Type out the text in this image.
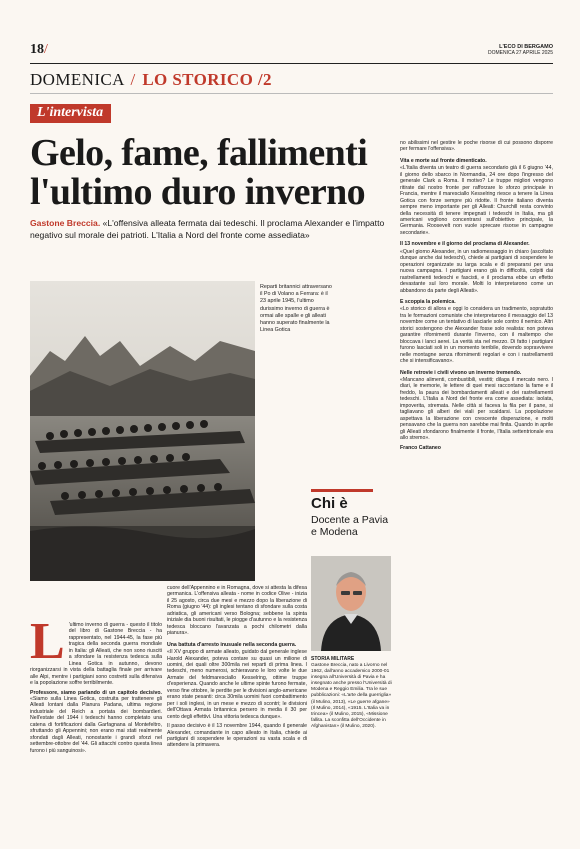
18/	L'ECO DI BERGAMO
DOMENICA 27 APRILE 2025
DOMENICA / LO STORICO /2
L'intervista
Gelo, fame, fallimenti
l'ultimo duro inverno
Gastone Breccia. «L'offensiva alleata fermata dai tedeschi. Il proclama Alexander e l'impatto negativo sul morale dei patrioti. L'Italia a Nord del fronte come assediata»
Reparti britannici attraversano il Po di Volano a Ferrara: è il 23 aprile 1945, l'ultimo durissimo inverno di guerra è ormai alle spalle e gli alleati hanno superato finalmente la Linea Gotica
Chi è
Docente a Pavia e Modena
STORIA MILITARE
Gastone Breccia, nato a Livorno nel 1962, dall'anno accademico 2000-01 insegna all'Università di Pavia e ha insegnato anche presso l'Università di Modena e Reggio Emilia. Tra le sue pubblicazioni: «L'arte della guerriglia» (il Mulino, 2013), «Le guerre afgane» (Il Mulino, 2014), «1915. L'Italia va in trincea» (il Mulino, 2015), «Missione fallita. La sconfitta dell'Occidente in Afghanistan» (il Mulino, 2020).

L 'ultimo inverno di guerra - questo il titolo del libro di Gastone Breccia - ha rappresentato, nel 1944-45, la fase più tragica della seconda guerra mondiale in Italia: gli Alleati, che non sono riusciti a sfondare la resistenza tedesca sulla Linea Gotica in autunno, devono riorganizzarsi in vista della battaglia finale per arrivare alle Alpi, mentre i partigiani sono costretti sulla difensiva e la popolazione soffre terribilmente.

Professore, siamo parlando di un capitolo decisivo. «Siamo sulla Linea Gotica, costruita per trattenere gli Alleati lontani dalla Pianura Padana, ultima regione industriale del Reich a portata dei bombardieri. Nell'estate del 1944 i tedeschi hanno completato una catena di fortificazioni dalla Garfagnana al Montefeltro, sfruttando gli Appennini; non erano mai stati realmente sfondati dagli Alleati, nonostante i grandi sforzi nel settembre-ottobre del '44. Gli attacchi contro questa linea furono i più sanguinosi».

cuore dell'Appennino e in Romagna, dove si attesta la difesa germanica. L'offensiva alleata - nome in codice Olive - inizia il 25 agosto, circa due mesi e mezzo dopo la liberazione di Roma (giugno '44): gli inglesi tentano di sfondare sulla costa adriatica, gli americani verso Bologna; sebbene la spinta iniziale dia buoni risultati, le piogge d'autunno e la resistenza tedesca bloccano l'avanzata a pochi chilometri dalla pianura».

Una battuta d'arresto inusuale nella seconda guerra.

«Il XV gruppo di armate alleato, guidato dal generale inglese Harold Alexander, poteva contare su quasi un milione di uomini, dei quali oltre 300mila nei reparti di prima linea. I tedeschi, meno numerosi, schieravano le loro volte le due Armate del feldmaresciallo Kesselring, ottime truppe d'esperienza. Quando anche le ultime spinte furono fermate, verso fine ottobre, le perdite per le divisioni anglo-americane erano state pesanti: circa 30mila uomini fuori combattimento per i soli inglesi, in un mese e mezzo di scontri; le divisioni dell'Ottava Armata britannica persero in media il 30 per cento degli effettivi. Una vittoria tedesca dunque».

Il passo decisivo è il 13 novembre 1944, quando il generale Alexander, comandante in capo alleato in Italia, chiede ai partigiani di sospendere le operazioni su vasta scala e di attendere la primavera.

no abilissimi nel gestire le poche risorse di cui possono disporre per fermare l'offensiva».

Vita e morte sul fronte dimenticato.

«L'Italia diventa un teatro di guerra secondario già il 6 giugno '44, il giorno dello sbarco in Normandia, 24 ore dopo l'ingresso del generale Clark a Roma. Il motivo? Le truppe migliori vengono ritirate dal nostro fronte per rafforzare lo sforzo principale in Francia, mentre il maresciallo Kesselring riesce a tenere la Linea Gotica con forze sempre più ridotte. Il fronte italiano diventa sempre meno importante per gli Alleati: Churchill resta convinto della necessità di tenere impegnati i tedeschi in Italia, ma gli americani vogliono concentrarsi sull'obiettivo principale, la Germania. Roosevelt non vuole sprecare risorse in campagne secondarie».

Il 13 novembre e il giorno del proclama di Alexander.

«Quel giorno Alexander, in un radiomessaggio in chiaro (ascoltato dunque anche dai tedeschi), chiede ai partigiani di sospendere le operazioni organizzate su larga scala e di prepararsi per una nuova campagna. I partigiani erano già in difficoltà, colpiti dai rastrellamenti tedeschi e fascisti, e il proclama ebbe un effetto devastante sul loro morale. Molti lo interpretarono come un abbandono da parte degli Alleati».

E scoppia la polemica.

«Lo storico di allora e oggi lo considera un tradimento, sopratutto tra le formazioni comuniste che interpretarono il messaggio del 13 novembre come un tentativo di lasciarle sole contro il nemico. Altri storici sostengono che Alexander fosse solo realista: non poteva garantire rifornimenti durante l'inverno, con il maltempo che bloccava i lanci aerei. La verità sta nel mezzo. Di fatto i partigiani furono lasciati soli in un momento terribile, dovendo sopravvivere nelle montagne senza rifornimenti regolari e con i rastrellamenti che si intensificavano».

Nelle retrovie i civili vivono un inverno tremendo.

«Mancano alimenti, combustibili, vestiti; dilaga il mercato nero. I diari, le memorie, le lettere di quei mesi raccontano la fame e il freddo, la paura dei bombardamenti alleati e dei rastrellamenti tedeschi. L'Italia a Nord del fronte era come assediata: isolata, impoverita, stremata. Nelle città si faceva la fila per il pane, si tagliavano gli alberi dei viali per scaldarsi. La popolazione aspettava la liberazione con crescente disperazione, e molti pensavano che la guerra non sarebbe mai finita. Quando in aprile gli Alleati sfondarono finalmente il fronte, l'Italia settentrionale era allo stremo».

Franco Cattaneo
